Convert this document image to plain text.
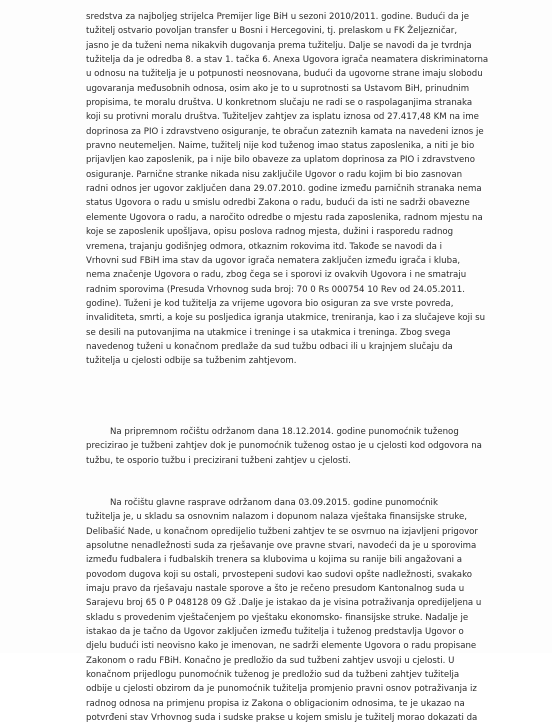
sredstva za najboljeg strijelca Premijer lige BiH u sezoni 2010/2011. godine. Budući da je
tužitelj ostvario povoljan transfer u Bosni i Hercegovini, tj. prelaskom u FK Željezničar,
jasno je da tuženi nema nikakvih dugovanja prema tužitelju. Dalje se navodi da je tvrdnja
tužitelja da je odredba 8. a stav 1. tačka 6. Anexa Ugovora igrača neamatera diskriminatorna
u odnosu na tužitelja je u potpunosti neosnovana, budući da ugovorne strane imaju slobodu
ugovaranja međusobnih odnosa, osim ako je to u suprotnosti sa Ustavom BiH, prinudnim
propisima, te moralu društva. U konkretnom slučaju ne radi se o raspolaganjima stranaka
koji su protivni moralu društva. Tužiteljev zahtjev za isplatu iznosa od 27.417,48 KM na ime
doprinosa za PIO i zdravstveno osiguranje, te obračun zateznih kamata na navedeni iznos je
pravno neutemeljen. Naime, tužitelj nije kod tuženog imao status zaposlenika, a niti je bio
prijavljen kao zaposlenik, pa i nije bilo obaveze za uplatom doprinosa za PIO i zdravstveno
osiguranje. Parnične stranke nikada nisu zaključile Ugovor o radu kojim bi bio zasnovan
radni odnos jer ugovor zaključen dana 29.07.2010. godine između parničnih stranaka nema
status Ugovora o radu u smislu odredbi Zakona o radu, budući da isti ne sadrži obavezne
elemente Ugovora o radu, a naročito odredbe o mjestu rada zaposlenika, radnom mjestu na
koje se zaposlenik upošljava, opisu poslova radnog mjesta, dužini i rasporedu radnog
vremena, trajanju godišnjeg odmora, otkaznim rokovima itd. Takođe se navodi da i
Vrhovni sud FBiH ima stav da ugovor igrača nematera zaključen između igrača i kluba,
nema značenje Ugovora o radu, zbog čega se i sporovi iz ovakvih Ugovora i ne smatraju
radnim sporovima (Presuda Vrhovnog suda broj: 70 0 Rs 000754 10 Rev od 24.05.2011.
godine). Tuženi je kod tužitelja za vrijeme ugovora bio osiguran za sve vrste povreda,
invaliditeta, smrti, a koje su posljedica igranja utakmice, treniranja, kao i za slučajeve koji su
se desili na putovanjima na utakmice i treninge i sa utakmica i treninga. Zbog svega
navedenog tuženi u konačnom predlaže da sud tužbu odbaci ili u krajnjem slučaju da
tužitelja u cjelosti odbije sa tužbenim zahtjevom.
Na pripremnom ročištu održanom dana 18.12.2014. godine punomoćnik tuženog
precizirao je tužbeni zahtjev dok je punomoćnik tuženog ostao je u cjelosti kod odgovora na
tužbu, te osporio tužbu i precizirani tužbeni zahtjev u cjelosti.
Na ročištu glavne rasprave održanom dana 03.09.2015. godine punomoćnik
tužitelja je, u skladu sa osnovnim nalazom i dopunom nalaza vještaka finansijske struke,
Delibašić Nade, u konačnom opredijelio tužbeni zahtjev te se osvrnuo na izjavljeni prigovor
apsolutne nenadležnosti suda za rješavanje ove pravne stvari, navodeći da je u sporovima
između fudbalera i fudbalskih trenera sa klubovima u kojima su ranije bili angažovani a
povodom dugova koji su ostali, prvostepeni sudovi kao sudovi opšte nadležnosti, svakako
imaju pravo da rješavaju nastale sporove a što je rečeno presudom Kantonalnog suda u
Sarajevu broj 65 0 P 048128 09 Gž .Dalje je istakao da je visina potraživanja opredijeljena u
skladu s provedenim vještačenjem po vještaku ekonomsko- finansijske struke. Nadalje je
istakao da je tačno da Ugovor zaključen između tužitelja i tuženog predstavlja Ugovor o
djelu budući isti neovisno kako je imenovan, ne sadrži elemente Ugovora o radu propisane
Zakonom o radu FBiH. Konačno je predložio da sud tužbeni zahtjev usvoji u cjelosti. U
konačnom prijedlogu punomoćnik tuženog je predložio sud da tužbeni zahtjev tužitelja
odbije u cjelosti obzirom da je punomoćnik tužitelja promjenio pravni osnov potraživanja iz
radnog odnosa na primjenu propisa iz Zakona o obligacionim odnosima, te je ukazao na
potvrđeni stav Vrhovnog suda i sudske prakse u kojem smislu je tužitelj morao dokazati da
